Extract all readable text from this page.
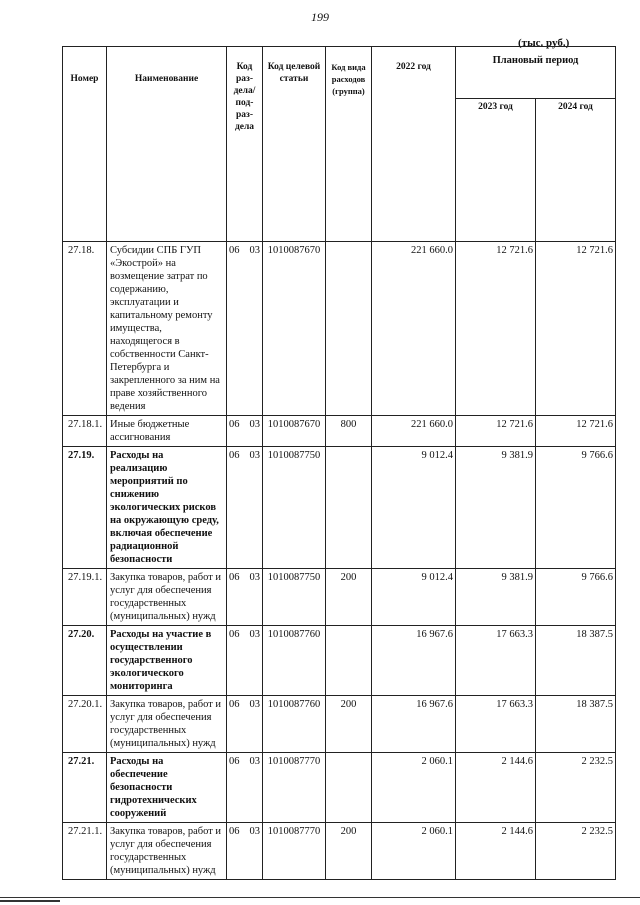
199
(тыс. руб.)
Номер	Наименование	Код раз-дела/ под-раз-дела	Код целевой статьи	Код вида расходов (группа)	2022 год	Плановый период	
						2023 год	2024 год

27.18.	Субсидии СПБ ГУП «Экострой» на возмещение затрат по содержанию, эксплуатации и капитальному ремонту имущества, находящегося в собственности Санкт-Петербурга и закрепленного за ним на праве хозяйственного ведения	06 03	1010087670		221 660.0	12 721.6	12 721.6
27.18.1.	Иные бюджетные ассигнования	06 03	1010087670	800	221 660.0	12 721.6	12 721.6
27.19.	Расходы на реализацию мероприятий по снижению экологических рисков на окружающую среду, включая обеспечение радиационной безопасности	06 03	1010087750		9 012.4	9 381.9	9 766.6
27.19.1.	Закупка товаров, работ и услуг для обеспечения государственных (муниципальных) нужд	06 03	1010087750	200	9 012.4	9 381.9	9 766.6
27.20.	Расходы на участие в осуществлении государственного экологического мониторинга	06 03	1010087760		16 967.6	17 663.3	18 387.5
27.20.1.	Закупка товаров, работ и услуг для обеспечения государственных (муниципальных) нужд	06 03	1010087760	200	16 967.6	17 663.3	18 387.5
27.21.	Расходы на обеспечение безопасности гидротехнических сооружений	06 03	1010087770		2 060.1	2 144.6	2 232.5
27.21.1.	Закупка товаров, работ и услуг для обеспечения государственных (муниципальных) нужд	06 03	1010087770	200	2 060.1	2 144.6	2 232.5
